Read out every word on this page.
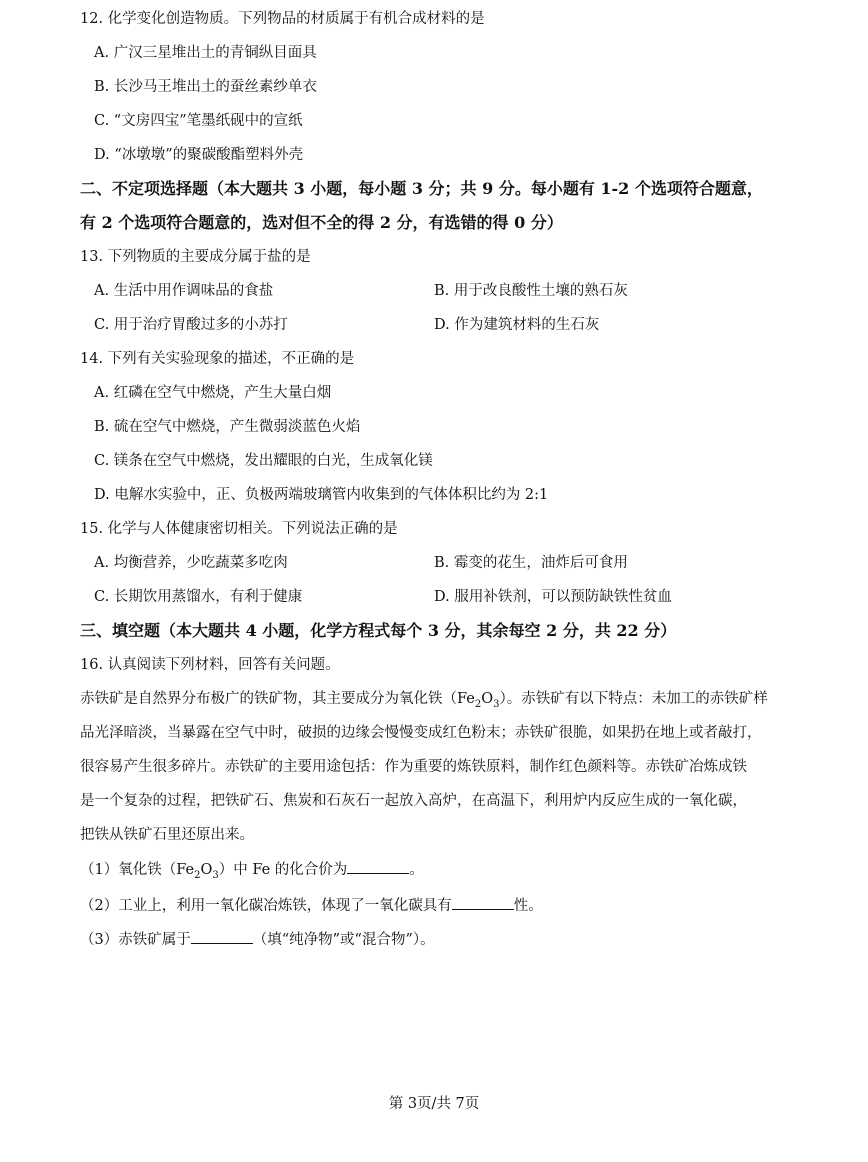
12. 化学变化创造物质。下列物品的材质属于有机合成材料的是
A. 广汉三星堆出土的青铜纵目面具
B. 长沙马王堆出土的蚕丝素纱单衣
C. “文房四宝”笔墨纸砚中的宣纸
D. “冰墩墩”的聚碳酸酯塑料外壳
二、不定项选择题（本大题共 3 小题，每小题 3 分；共 9 分。每小题有 1-2 个选项符合题意，
有 2 个选项符合题意的，选对但不全的得 2 分，有选错的得 0 分）
13. 下列物质的主要成分属于盐的是
A. 生活中用作调味品的食盐	B. 用于改良酸性土壤的熟石灰
C. 用于治疗胃酸过多的小苏打	D. 作为建筑材料的生石灰
14. 下列有关实验现象的描述，不正确的是
A. 红磷在空气中燃烧，产生大量白烟
B. 硫在空气中燃烧，产生微弱淡蓝色火焰
C. 镁条在空气中燃烧，发出耀眼的白光，生成氧化镁
D. 电解水实验中，正、负极两端玻璃管内收集到的气体体积比约为 2:1
15. 化学与人体健康密切相关。下列说法正确的是
A. 均衡营养，少吃蔬菜多吃肉	B. 霉变的花生，油炸后可食用
C. 长期饮用蒸馏水，有利于健康	D. 服用补铁剂，可以预防缺铁性贫血
三、填空题（本大题共 4 小题，化学方程式每个 3 分，其余每空 2 分，共 22 分）
16. 认真阅读下列材料，回答有关问题。
赤铁矿是自然界分布极广的铁矿物，其主要成分为氧化铁$(Fe_2O_3)$。赤铁矿有以下特点：未加工的赤铁矿样
品光泽暗淡，当暴露在空气中时，破损的边缘会慢慢变成红色粉末；赤铁矿很脆，如果扔在地上或者敲打，
很容易产生很多碎片。赤铁矿的主要用途包括：作为重要的炼铁原料，制作红色颜料等。赤铁矿冶炼成铁
是一个复杂的过程，把铁矿石、焦炭和石灰石一起放入高炉，在高温下，利用炉内反应生成的一氧化碳，
把铁从铁矿石里还原出来。
（1）氧化铁$(Fe_2O_3)$中 Fe 的化合价为	。
（2）工业上，利用一氧化碳冶炼铁，体现了一氧化碳具有	性。
（3）赤铁矿属于	（填“纯净物”或“混合物”）。
第 3页/共 7页
